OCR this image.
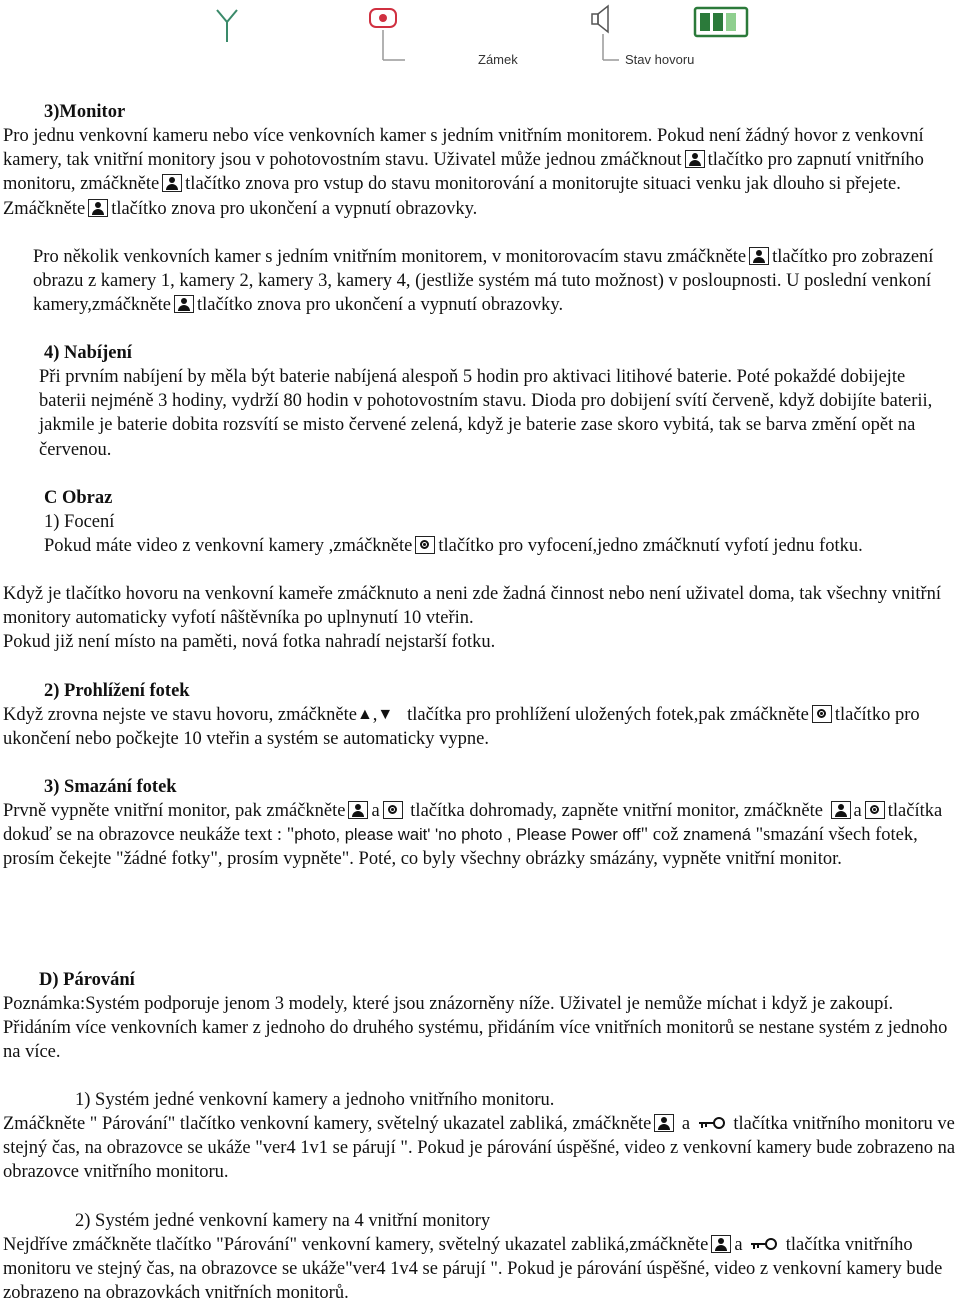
Zámek	Stav hovoru
3)Monitor
Pro jednu venkovní kameru nebo více venkovních kamer s jedním vnitřním monitorem. Pokud není žádný hovor z venkovní kamery, tak vnitřní monitory jsou v pohotovostním stavu. Uživatel může jednou zmáčknout tlačítko pro zapnutí vnitřního monitoru, zmáčkněte tlačítko znova pro vstup do stavu monitorování a monitorujte situaci venku jak dlouho si přejete. Zmáčkněte tlačítko znova pro ukončení a vypnutí obrazovky.
Pro několik venkovních kamer s jedním vnitřním monitorem, v monitorovacím stavu zmáčkněte tlačítko pro zobrazení obrazu z kamery 1, kamery 2, kamery 3, kamery 4, (jestliže systém má tuto možnost) v posloupnosti. U poslední venkoní kamery,zmáčkněte tlačítko znova pro ukončení a vypnutí obrazovky.
4) Nabíjení
Při prvním nabíjení by měla být baterie nabíjená alespoň 5 hodin pro aktivaci litihové baterie. Poté pokaždé dobijejte baterii nejméně 3 hodiny, vydrží 80 hodin v pohotovostním stavu. Dioda pro dobijení svítí červeně, když dobijíte baterii, jakmile je baterie dobita rozsvítí se misto červené zelená, když je baterie zase skoro vybitá, tak se barva změní opět na červenou.
C Obraz
1) Focení
Pokud máte video z venkovní kamery ,zmáčkněte tlačítko pro vyfocení,jedno zmáčknutí vyfotí jednu fotku.
Když je tlačítko hovoru na venkovní kameře zmáčknuto a neni zde žadná činnost nebo není uživatel doma, tak všechny vnitřní monitory automaticky vyfotí nâštěvníka po uplnynutí 10 vteřin.
Pokud již není místo na paměti, nová fotka nahradí nejstarší fotku.
2) Prohlížení fotek
Když zrovna nejste ve stavu hovoru, zmáčkněte▲,▼ tlačítka pro prohlížení uložených fotek,pak zmáčkněte tlačítko pro ukončení nebo počkejte 10 vteřin a systém se automaticky vypne.
3) Smazání fotek
Prvně vypněte vnitřní monitor, pak zmáčkněte a tlačítka dohromady, zapněte vnitřní monitor, zmáčkněte a tlačítka dokuď se na obrazovce neukáže text : "photo, please wait' 'no photo , Please Power off" což znamená "smazání všech fotek, prosím čekejte "žádné fotky", prosím vypněte". Poté, co byly všechny obrázky smázány, vypněte vnitřní monitor.
D) Párování
Poznámka:Systém podporuje jenom 3 modely, které jsou znázorněny níže. Uživatel je nemůže míchat i když je zakoupí. Přidáním více venkovních kamer z jednoho do druhého systému, přidáním více vnitřních monitorů se nestane systém z jednoho na více.
1) Systém jedné venkovní kamery a jednoho vnitřního monitoru.
Zmáčkněte " Párování" tlačítko venkovní kamery, světelný ukazatel zabliká, zmáčkněte a tlačítka vnitřního monitoru ve stejný čas, na obrazovce se ukáže "ver4 1v1 se párují ". Pokud je párování úspěšné, video z venkovní kamery bude zobrazeno na obrazovce vnitřního monitoru.
2) Systém jedné venkovní kamery na 4 vnitřní monitory
Nejdříve zmáčkněte tlačítko "Párování" venkovní kamery, světelný ukazatel zabliká,zmáčkněte a tlačítka vnitřního monitoru ve stejný čas, na obrazovce se ukáže"ver4 1v4 se párují ". Pokud je párování úspěšné, video z venkovní kamery bude zobrazeno na obrazovkách vnitřních monitorů.
